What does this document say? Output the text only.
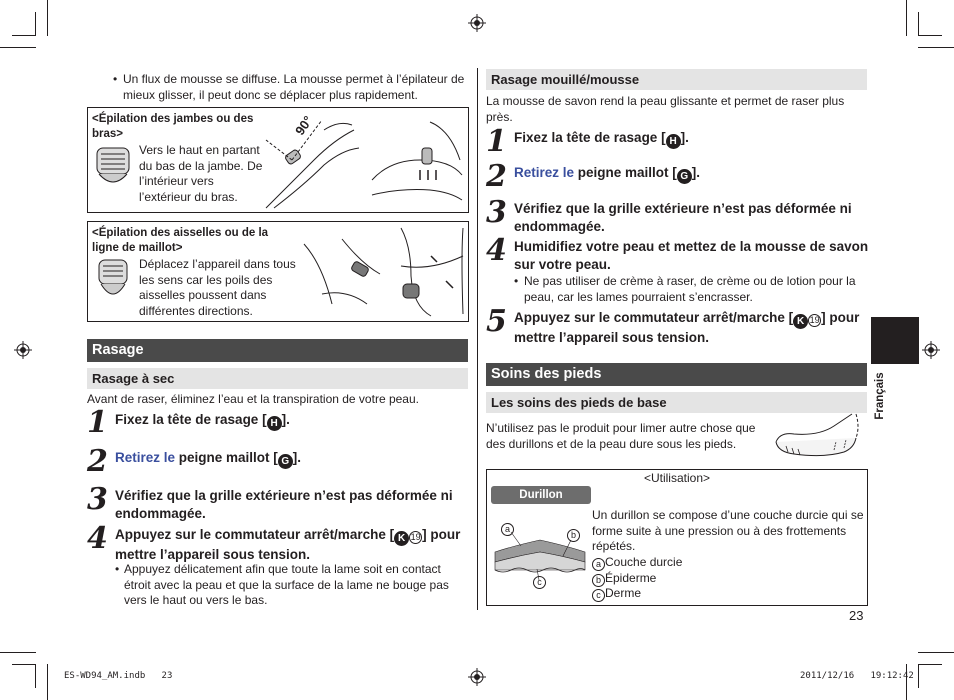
• Un flux de mousse se diffuse. La mousse permet à l’épilateur de mieux glisser, il peut donc se déplacer plus rapidement.
<Épilation des jambes ou des bras>
Vers le haut en partant du bas de la jambe. De l’intérieur vers l’extérieur du bras.
90°
<Épilation des aisselles ou de la ligne de maillot>
Déplacez l’appareil dans tous les sens car les poils des aisselles poussent dans différentes directions.
Rasage
Rasage à sec
Avant de raser, éliminez l’eau et la transpiration de votre peau.
1 Fixez la tête de rasage [ H ].
2 Retirez le peigne maillot [ G ].
3 Vérifiez que la grille extérieure n’est pas déformée ni endommagée.
4 Appuyez sur le commutateur arrêt/marche [ K 19 ] pour mettre l’appareil sous tension.
• Appuyez délicatement afin que toute la lame soit en contact étroit avec la peau et que la surface de la lame ne bouge pas vers le haut ou vers le bas.
Rasage mouillé/mousse
La mousse de savon rend la peau glissante et permet de raser plus près.
1 Fixez la tête de rasage [ H ].
2 Retirez le peigne maillot [ G ].
3 Vérifiez que la grille extérieure n’est pas déformée ni endommagée.
4 Humidifiez votre peau et mettez de la mousse de savon sur votre peau.
• Ne pas utiliser de crème à raser, de crème ou de lotion pour la peau, car les lames pourraient s’encrasser.
5 Appuyez sur le commutateur arrêt/marche [ K 19 ] pour mettre l’appareil sous tension.
Soins des pieds
Les soins des pieds de base
N’utilisez pas le produit pour limer autre chose que des durillons et de la peau dure sous les pieds.
<Utilisation>
Durillon
a
b
c
Un durillon se compose d’une couche durcie qui se forme suite à une pression ou à des frottements répétés.
a Couche durcie
b Épiderme
c Derme
Français
23
ES-WD94_AM.indb   23	2011/12/16   19:12:42
